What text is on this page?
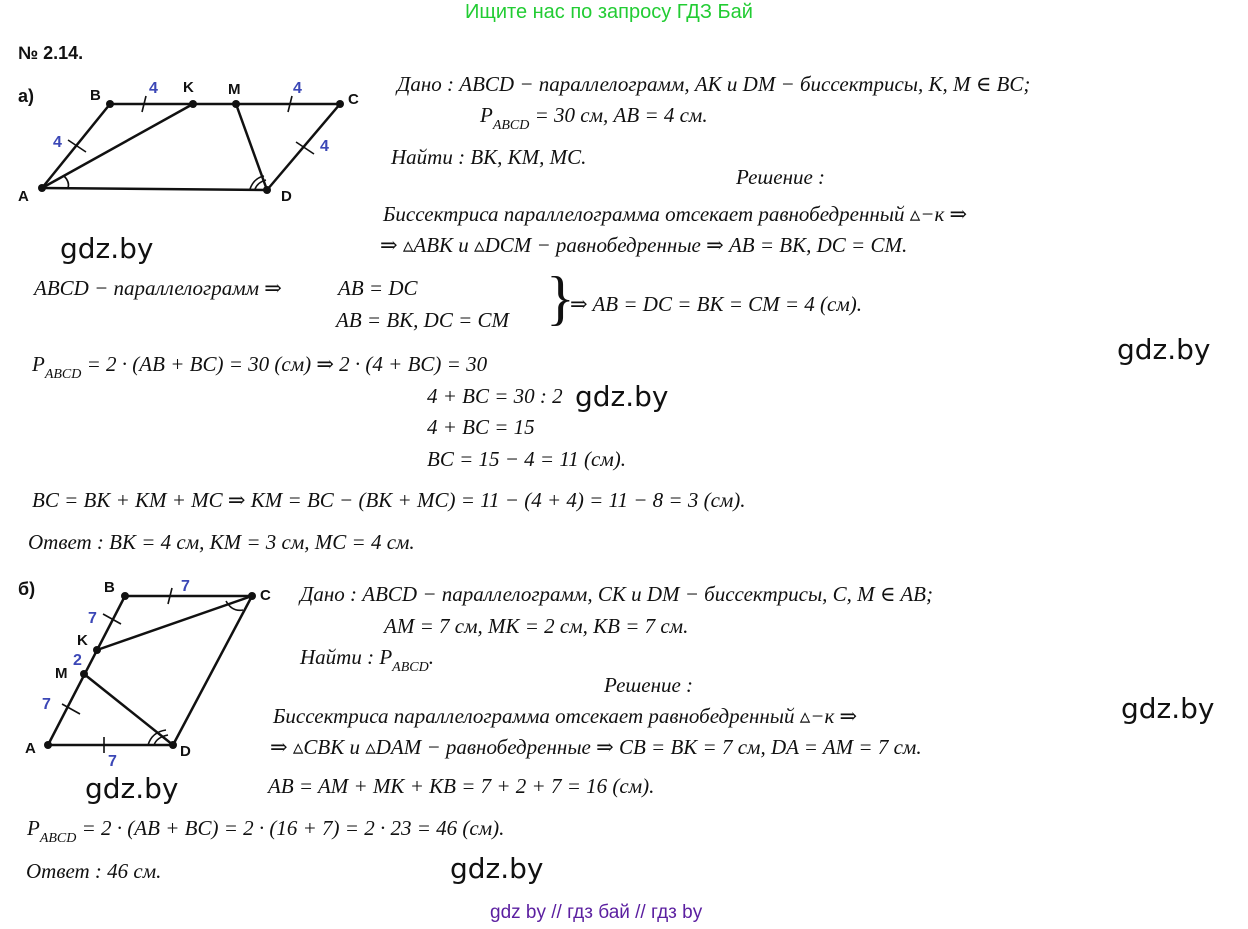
Ищите нас по запросу ГДЗ Бай
№ 2.14.
а)
A
B	K M
C
D
4
4	4
4
Дано : ABCD − параллелограмм, AK и DM − биссектрисы, K, M ∈ BC;
$P_{ABCD} = 30$ см, AB = 4 см.
Найти : BK, KM, MC.
Решение :
Биссектриса параллелограмма отсекает равнобедренный ▵−к ⇒
⇒ ▵ABK и ▵DCM − равнобедренные ⇒ AB = BK, DC = CM.
gdz.by
ABCD − параллелограмм ⇒	AB = DC
AB = BK, DC = CM }
⇒ AB = DC = BK = CM = 4 (см).
gdz.by
$P_{ABCD} = 2 \cdot (AB + BC) = 30$ (см) ⇒ 2 · (4 + BC) = 30
4 + BC = 30 : 2 gdz.by
4 + BC = 15
BC = 15 − 4 = 11 (см).
BC = BK + KM + MC ⇒ KM = BC − (BK + MC) = 11 − (4 + 4) = 11 − 8 = 3 (см).
Ответ : BK = 4 см, KM = 3 см, MC = 4 см.
б)
A
B	C
D
K
M
7
7
2
7
7
Дано : ABCD − параллелограмм, CK и DM − биссектрисы, C, M ∈ AB;
AM = 7 см, MK = 2 см, KB = 7 см.
Найти : $P_{ABCD}$.
Решение :
gdz.by
Биссектриса параллелограмма отсекает равнобедренный ▵−к ⇒
⇒ ▵CBK и ▵DAM − равнобедренные ⇒ CB = BK = 7 см, DA = AM = 7 см.
gdz.by	AB = AM + MK + KB = 7 + 2 + 7 = 16 (см).
$P_{ABCD} = 2 \cdot (AB + BC) = 2 \cdot (16 + 7) = 2 \cdot 23 = 46$ (см).
gdz.by
Ответ : 46 см.
gdz by // гдз бай // гдз by
